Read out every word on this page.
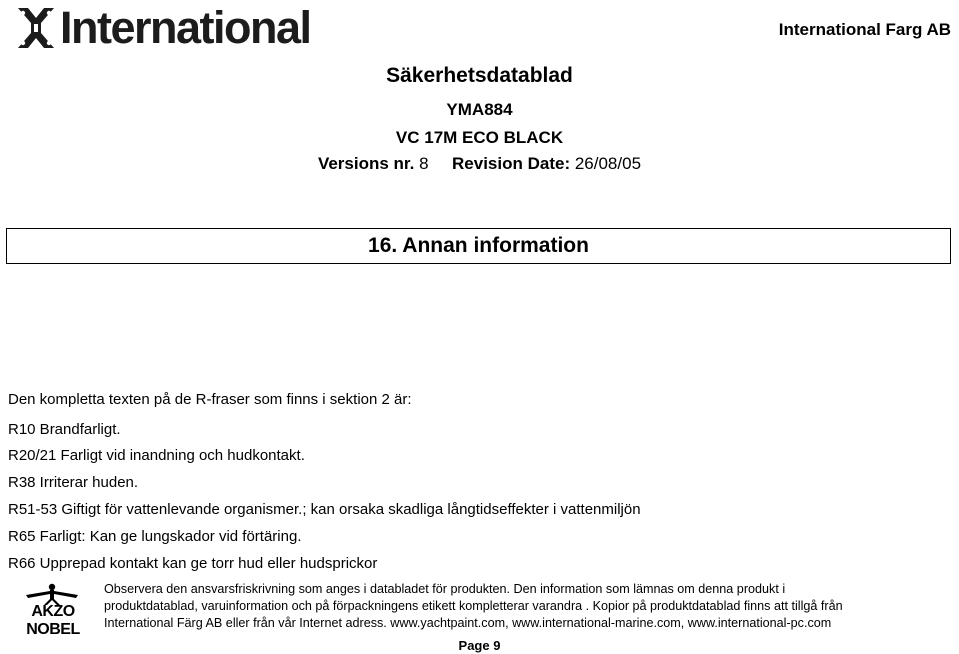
International	International Farg AB
Säkerhetsdatablad
YMA884
VC 17M ECO BLACK
Versions nr. 8 Revision Date: 26/08/05
16. Annan information
Den kompletta texten på de R-fraser som finns i sektion 2 är:
R10 Brandfarligt.
R20/21 Farligt vid inandning och hudkontakt.
R38 Irriterar huden.
R51-53 Giftigt för vattenlevande organismer.; kan orsaka skadliga långtidseffekter i vattenmiljön
R65 Farligt: Kan ge lungskador vid förtäring.
R66 Upprepad kontakt kan ge torr hud eller hudsprickor
AKZO NOBEL
Observera den ansvarsfriskrivning som anges i databladet för produkten. Den information som lämnas om denna produkt i
produktdatablad, varuinformation och på förpackningens etikett kompletterar varandra . Kopior på produktdatablad finns att tillgå från
International Färg AB eller från vår Internet adress. www.yachtpaint.com, www.international-marine.com, www.international-pc.com
Page 9
